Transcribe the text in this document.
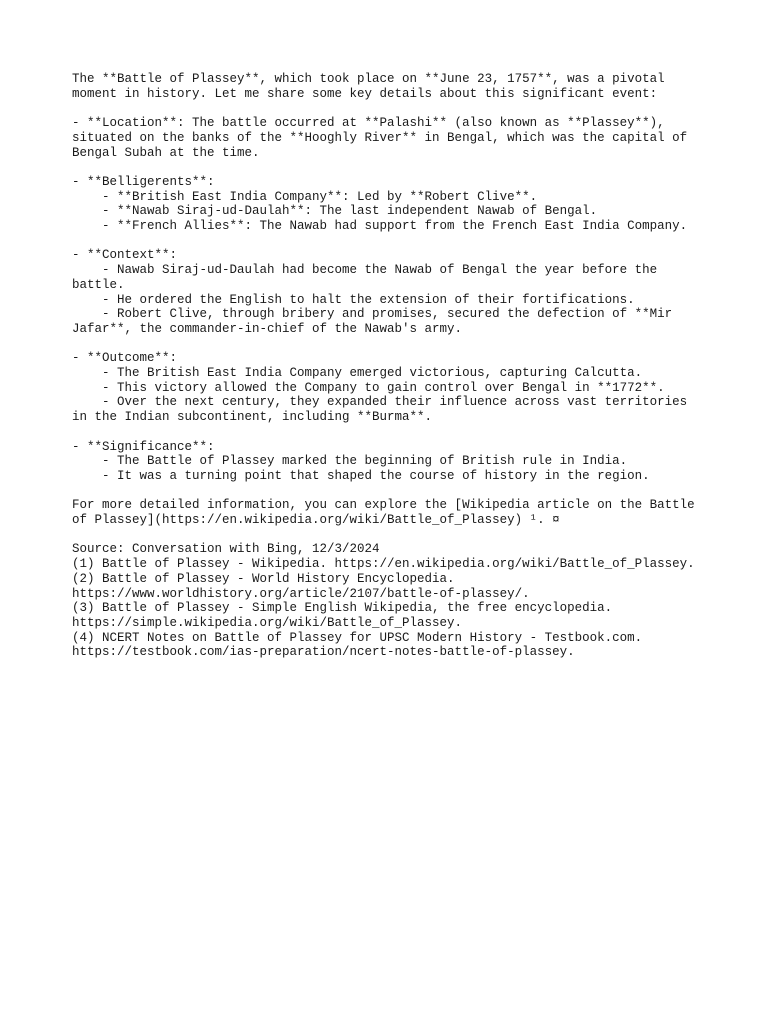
The **Battle of Plassey**, which took place on **June 23, 1757**, was a pivotal
moment in history. Let me share some key details about this significant event:
- **Location**: The battle occurred at **Palashi** (also known as **Plassey**),
situated on the banks of the **Hooghly River** in Bengal, which was the capital of
Bengal Subah at the time.
- **Belligerents**:
- **British East India Company**: Led by **Robert Clive**.
- **Nawab Siraj-ud-Daulah**: The last independent Nawab of Bengal.
- **French Allies**: The Nawab had support from the French East India Company.
- **Context**:
- Nawab Siraj-ud-Daulah had become the Nawab of Bengal the year before the
battle.
- He ordered the English to halt the extension of their fortifications.
- Robert Clive, through bribery and promises, secured the defection of **Mir
Jafar**, the commander-in-chief of the Nawab's army.
- **Outcome**:
- The British East India Company emerged victorious, capturing Calcutta.
- This victory allowed the Company to gain control over Bengal in **1772**.
- Over the next century, they expanded their influence across vast territories
in the Indian subcontinent, including **Burma**.
- **Significance**:
- The Battle of Plassey marked the beginning of British rule in India.
- It was a turning point that shaped the course of history in the region.
For more detailed information, you can explore the [Wikipedia article on the Battle
of Plassey](https://en.wikipedia.org/wiki/Battle_of_Plassey) ¹. ¤
Source: Conversation with Bing, 12/3/2024
(1) Battle of Plassey - Wikipedia. https://en.wikipedia.org/wiki/Battle_of_Plassey.
(2) Battle of Plassey - World History Encyclopedia.
https://www.worldhistory.org/article/2107/battle-of-plassey/.
(3) Battle of Plassey - Simple English Wikipedia, the free encyclopedia.
https://simple.wikipedia.org/wiki/Battle_of_Plassey.
(4) NCERT Notes on Battle of Plassey for UPSC Modern History - Testbook.com.
https://testbook.com/ias-preparation/ncert-notes-battle-of-plassey.
